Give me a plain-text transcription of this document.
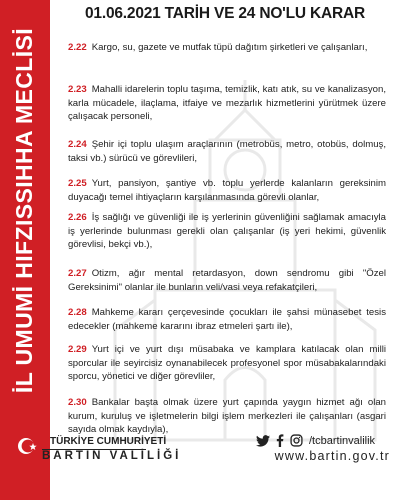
İL UMUMİ HIFZISSIHHA MECLİSİ
01.06.2021 TARİH VE 24 NO'LU KARAR
2.22 Kargo, su, gazete ve mutfak tüpü dağıtım şirketleri ve çalışanları,
2.23 Mahalli idarelerin toplu taşıma, temizlik, katı atık, su ve kanalizasyon, karla mücadele, ilaçlama, itfaiye ve mezarlık hizmetlerini yürütmek üzere çalışacak personeli,
2.24 Şehir içi toplu ulaşım araçlarının (metrobüs, metro, otobüs, dolmuş, taksi vb.) sürücü ve görevlileri,
2.25 Yurt, pansiyon, şantiye vb. toplu yerlerde kalanların gereksinim duyacağı temel ihtiyaçların karşılanmasında görevli olanlar,
2.26 İş sağlığı ve güvenliği ile iş yerlerinin güvenliğini sağlamak amacıyla iş yerlerinde bulunması gerekli olan çalışanlar (iş yeri hekimi, güvenlik görevlisi, bekçi vb.),
2.27 Otizm, ağır mental retardasyon, down sendromu gibi "Özel Gereksinimi" olanlar ile bunların veli/vasi veya refakatçileri,
2.28 Mahkeme kararı çerçevesinde çocukları ile şahsi münasebet tesis edecekler (mahkeme kararını ibraz etmeleri şartı ile),
2.29 Yurt içi ve yurt dışı müsabaka ve kamplara katılacak olan milli sporcular ile seyircisiz oynanabilecek profesyonel spor müsabakalarındaki sporcu, yönetici ve diğer görevliler,
2.30 Bankalar başta olmak üzere yurt çapında yaygın hizmet ağı olan kurum, kuruluş ve işletmelerin bilgi işlem merkezleri ile çalışanları (asgari sayıda olmak kaydıyla),
TÜRKİYE CUMHURİYETİ
BARTIN VALİLİĞİ
/tcbartinvalilik
www.bartin.gov.tr
